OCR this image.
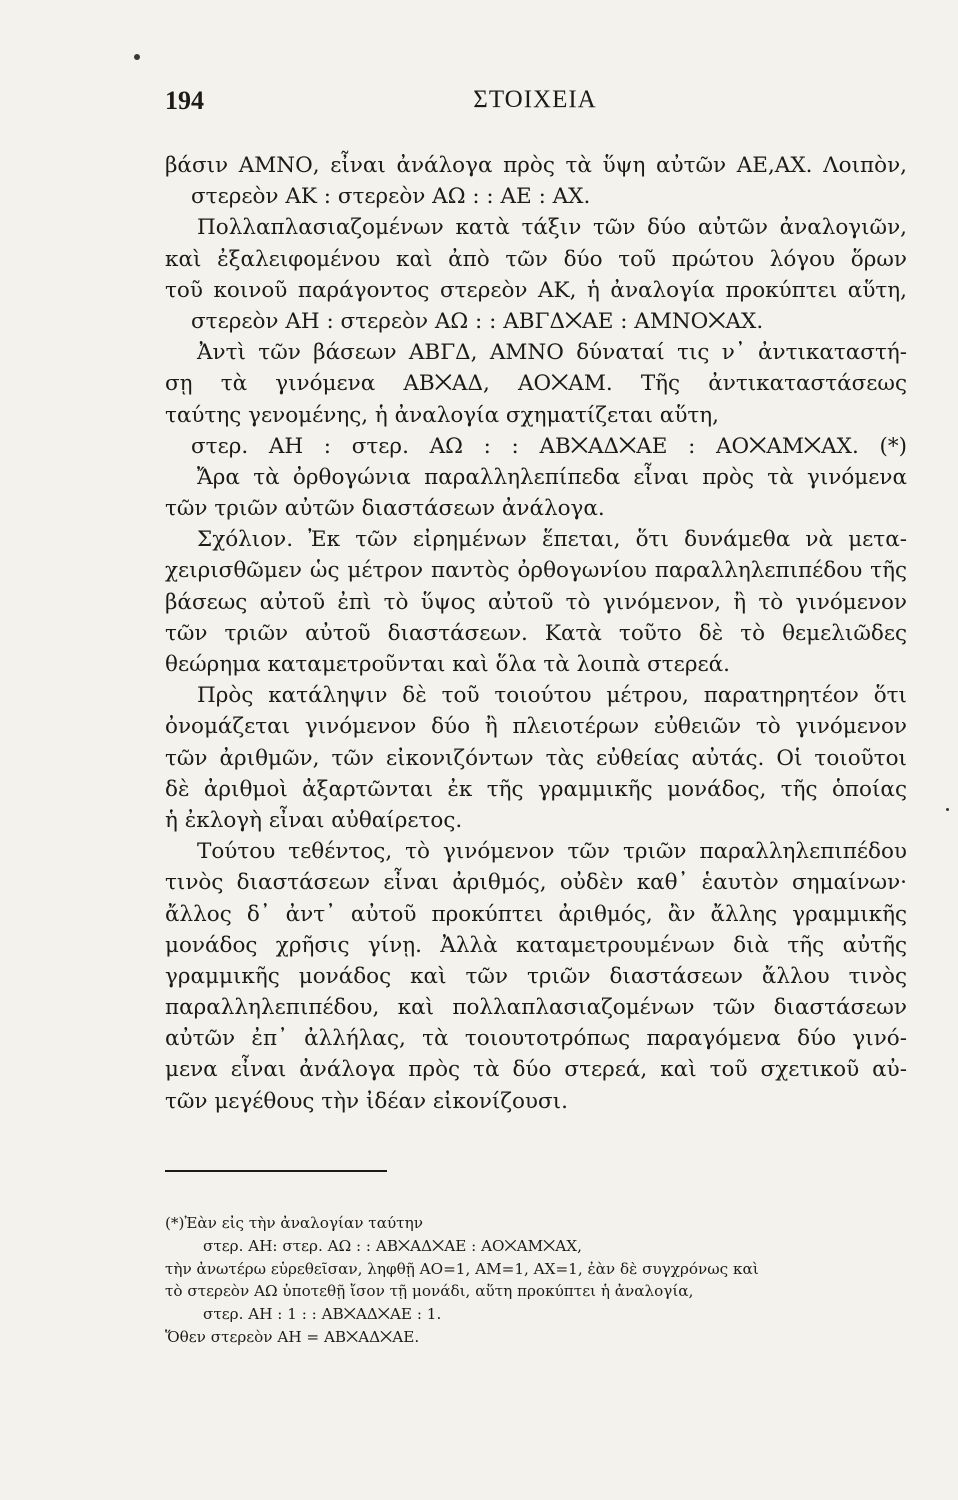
194	ΣΤΟΙΧΕΙΑ
βάσιν ΑΜΝΟ, εἶναι ἀνάλογα πρὸς τὰ ὕψη αὐτῶν ΑΕ,ΑΧ. Λοιπὸν,
στερεὸν ΑΚ : στερεὸν ΑΩ : : ΑΕ : ΑΧ.
Πολλαπλασιαζομένων κατὰ τάξιν τῶν δύο αὐτῶν ἀναλογιῶν,
καὶ ἐξαλειφομένου καὶ ἀπὸ τῶν δύο τοῦ πρώτου λόγου ὅρων
τοῦ κοινοῦ παράγοντος στερεὸν ΑΚ, ἡ ἀναλογία προκύπτει αὕτη,
στερεὸν ΑΗ : στερεὸν ΑΩ : : ΑΒΓΔ⨉ΑΕ : ΑΜΝΟ⨉ΑΧ.
Ἀντὶ τῶν βάσεων ΑΒΓΔ, ΑΜΝΟ δύναταί τις ν᾿ ἀντικαταστή-
σῃ τὰ γινόμενα ΑΒ⨉ΑΔ, ΑΟ⨉ΑΜ. Τῆς ἀντικαταστάσεως
ταύτης γενομένης, ἡ ἀναλογία σχηματίζεται αὕτη,
στερ. ΑΗ : στερ. ΑΩ : : ΑΒ⨉ΑΔ⨉ΑΕ : ΑΟ⨉ΑΜ⨉ΑΧ. (*)
Ἄρα τὰ ὀρθογώνια παραλληλεπίπεδα εἶναι πρὸς τὰ γινόμενα
τῶν τριῶν αὐτῶν διαστάσεων ἀνάλογα.
Σχόλιον. Ἐκ τῶν εἰρημένων ἕπεται, ὅτι δυνάμεθα νὰ μετα-
χειρισθῶμεν ὡς μέτρον παντὸς ὀρθογωνίου παραλληλεπιπέδου τῆς
βάσεως αὐτοῦ ἐπὶ τὸ ὕψος αὐτοῦ τὸ γινόμενον, ἢ τὸ γινόμενον
τῶν τριῶν αὐτοῦ διαστάσεων. Κατὰ τοῦτο δὲ τὸ θεμελιῶδες
θεώρημα καταμετροῦνται καὶ ὅλα τὰ λοιπὰ στερεά.
Πρὸς κατάληψιν δὲ τοῦ τοιούτου μέτρου, παρατηρητέον ὅτι
ὀνομάζεται γινόμενον δύο ἢ πλειοτέρων εὐθειῶν τὸ γινόμενον
τῶν ἀριθμῶν, τῶν εἰκονιζόντων τὰς εὐθείας αὐτάς. Οἱ τοιοῦτοι
δὲ ἀριθμοὶ ἀξαρτῶνται ἐκ τῆς γραμμικῆς μονάδος, τῆς ὁποίας
ἡ ἐκλογὴ εἶναι αὐθαίρετος.
Τούτου τεθέντος, τὸ γινόμενον τῶν τριῶν παραλληλεπιπέδου
τινὸς διαστάσεων εἶναι ἀριθμός, οὐδὲν καθ᾿ ἑαυτὸν σημαίνων·
ἄλλος δ᾿ ἀντ᾿ αὐτοῦ προκύπτει ἀριθμός, ἂν ἄλλης γραμμικῆς
μονάδος χρῆσις γίνῃ. Ἀλλὰ καταμετρουμένων διὰ τῆς αὐτῆς
γραμμικῆς μονάδος καὶ τῶν τριῶν διαστάσεων ἄλλου τινὸς
παραλληλεπιπέδου, καὶ πολλαπλασιαζομένων τῶν διαστάσεων
αὐτῶν ἐπ᾿ ἀλλήλας, τὰ τοιουτοτρόπως παραγόμενα δύο γινό-
μενα εἶναι ἀνάλογα πρὸς τὰ δύο στερεά, καὶ τοῦ σχετικοῦ αὐ-
τῶν μεγέθους τὴν ἰδέαν εἰκονίζουσι.
(*)Ἐὰν εἰς τὴν ἀναλογίαν ταύτην
στερ. ΑΗ: στερ. ΑΩ : : ΑΒ⨉ΑΔ⨉ΑΕ : ΑΟ⨉ΑΜ⨉ΑΧ,
τὴν ἀνωτέρω εὑρεθεῖσαν, ληφθῇ ΑΟ=1, ΑΜ=1, ΑΧ=1, ἐὰν δὲ συγχρόνως καὶ
τὸ στερεὸν ΑΩ ὑποτεθῇ ἴσον τῇ μονάδι, αὕτη προκύπτει ἡ ἀναλογία,
στερ. ΑΗ : 1 : : ΑΒ⨉ΑΔ⨉ΑΕ : 1.
Ὅθεν στερεὸν ΑΗ = ΑΒ⨉ΑΔ⨉ΑΕ.
